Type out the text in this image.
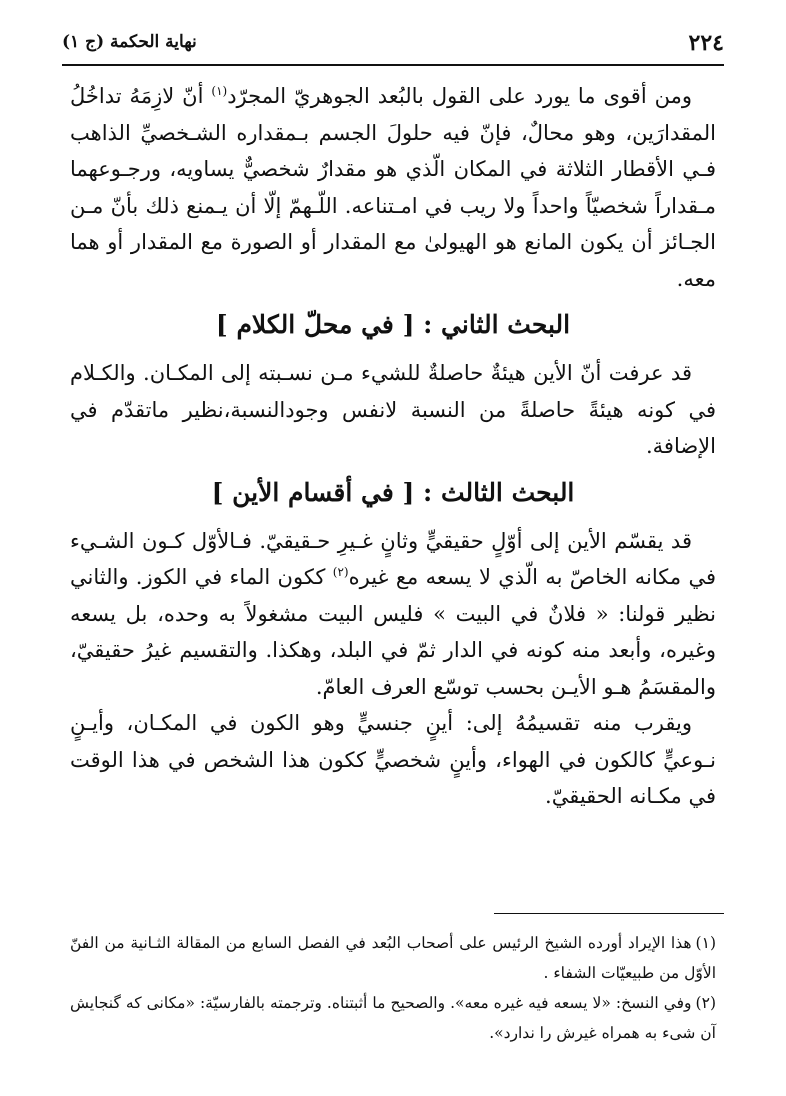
٢٢٤
نهاية الحكمة (ج ١)

ومن أقوى ما يورد على القول بالبُعد الجوهريّ المجرّد$^{(١)}$ أنّ لازِمَهُ تداخُلُ المقدارَين، وهو محالٌ، فإنّ فيه حلولَ الجسم بـمقداره الشـخصيِّ الذاهب فـي الأقطار الثلاثة في المكان الّذي هو مقدارٌ شخصيٌّ يساويه، ورجـوعهما مـقداراً شخصيّاً واحداً ولا ريب في امـتناعه. اللّـهمّ إلّا أن يـمنع ذلك بأنّ مـن الجـائز أن يكون المانع هو الهيولىٰ مع المقدار أو الصورة مع المقدار أو هما معه.

البحث الثاني : [ في محلّ الكلام ]

قد عرفت أنّ الأين هيئةٌ حاصلةٌ للشيء مـن نسـبته إلى المكـان. والكـلام في كونه هيئةً حاصلةً من النسبة لانفس وجودالنسبة،نظير ماتقدّم في الإضافة.

البحث الثالث : [ في أقسام الأين ]

قد يقسّم الأين إلى أوّلٍ حقيقيٍّ وثانٍ غـيرِ حـقيقيّ. فـالأوّل كـون الشـيء في مكانه الخاصّ به الّذي لا يسعه مع غيره$^{(٢)}$ ككون الماء في الكوز. والثاني نظير قولنا: « فلانٌ في البيت » فليس البيت مشغولاً به وحده، بل يسعه وغيره، وأبعد منه كونه في الدار ثمّ في البلد، وهكذا. والتقسيم غيرُ حقيقيّ، والمقسَمُ هـو الأيـن بحسب توسّع العرف العامّ.

ويقرب منه تقسيمُهُ إلى: أينٍ جنسيٍّ وهو الكون في المكـان، وأيـنٍ نـوعيٍّ كالكون في الهواء، وأينٍ شخصيٍّ ككون هذا الشخص في هذا الوقت في مكـانه الحقيقيّ.

(١)هذا الإيراد أورده الشيخ الرئيس على أصحاب البُعد في الفصل السابع من المقالة الثـانية من الفنّ الأوّل من طبيعيّات الشفاء .

(٢)وفي النسخ: «لا يسعه فيه غيره معه». والصحيح ما أثبتناه. وترجمته بالفارسيّة: «مكانى كه گنجايش آن شىء به همراه غيرش را ندارد».
